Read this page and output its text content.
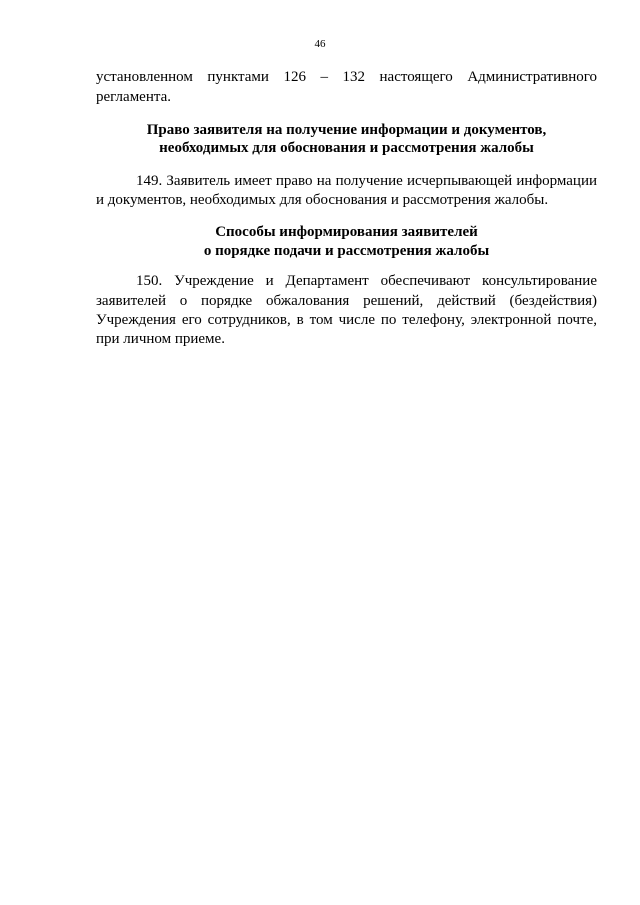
46
установленном пунктами 126 – 132 настоящего Административного
регламента.
Право заявителя на получение информации и документов,
необходимых для обоснования и рассмотрения жалобы
149. Заявитель имеет право на получение исчерпывающей информации
и документов, необходимых для обоснования и рассмотрения жалобы.
Способы информирования заявителей
о порядке подачи и рассмотрения жалобы
150. Учреждение и Департамент обеспечивают консультирование
заявителей о порядке обжалования решений, действий (бездействия)
Учреждения его сотрудников, в том числе по телефону, электронной почте,
при личном приеме.
